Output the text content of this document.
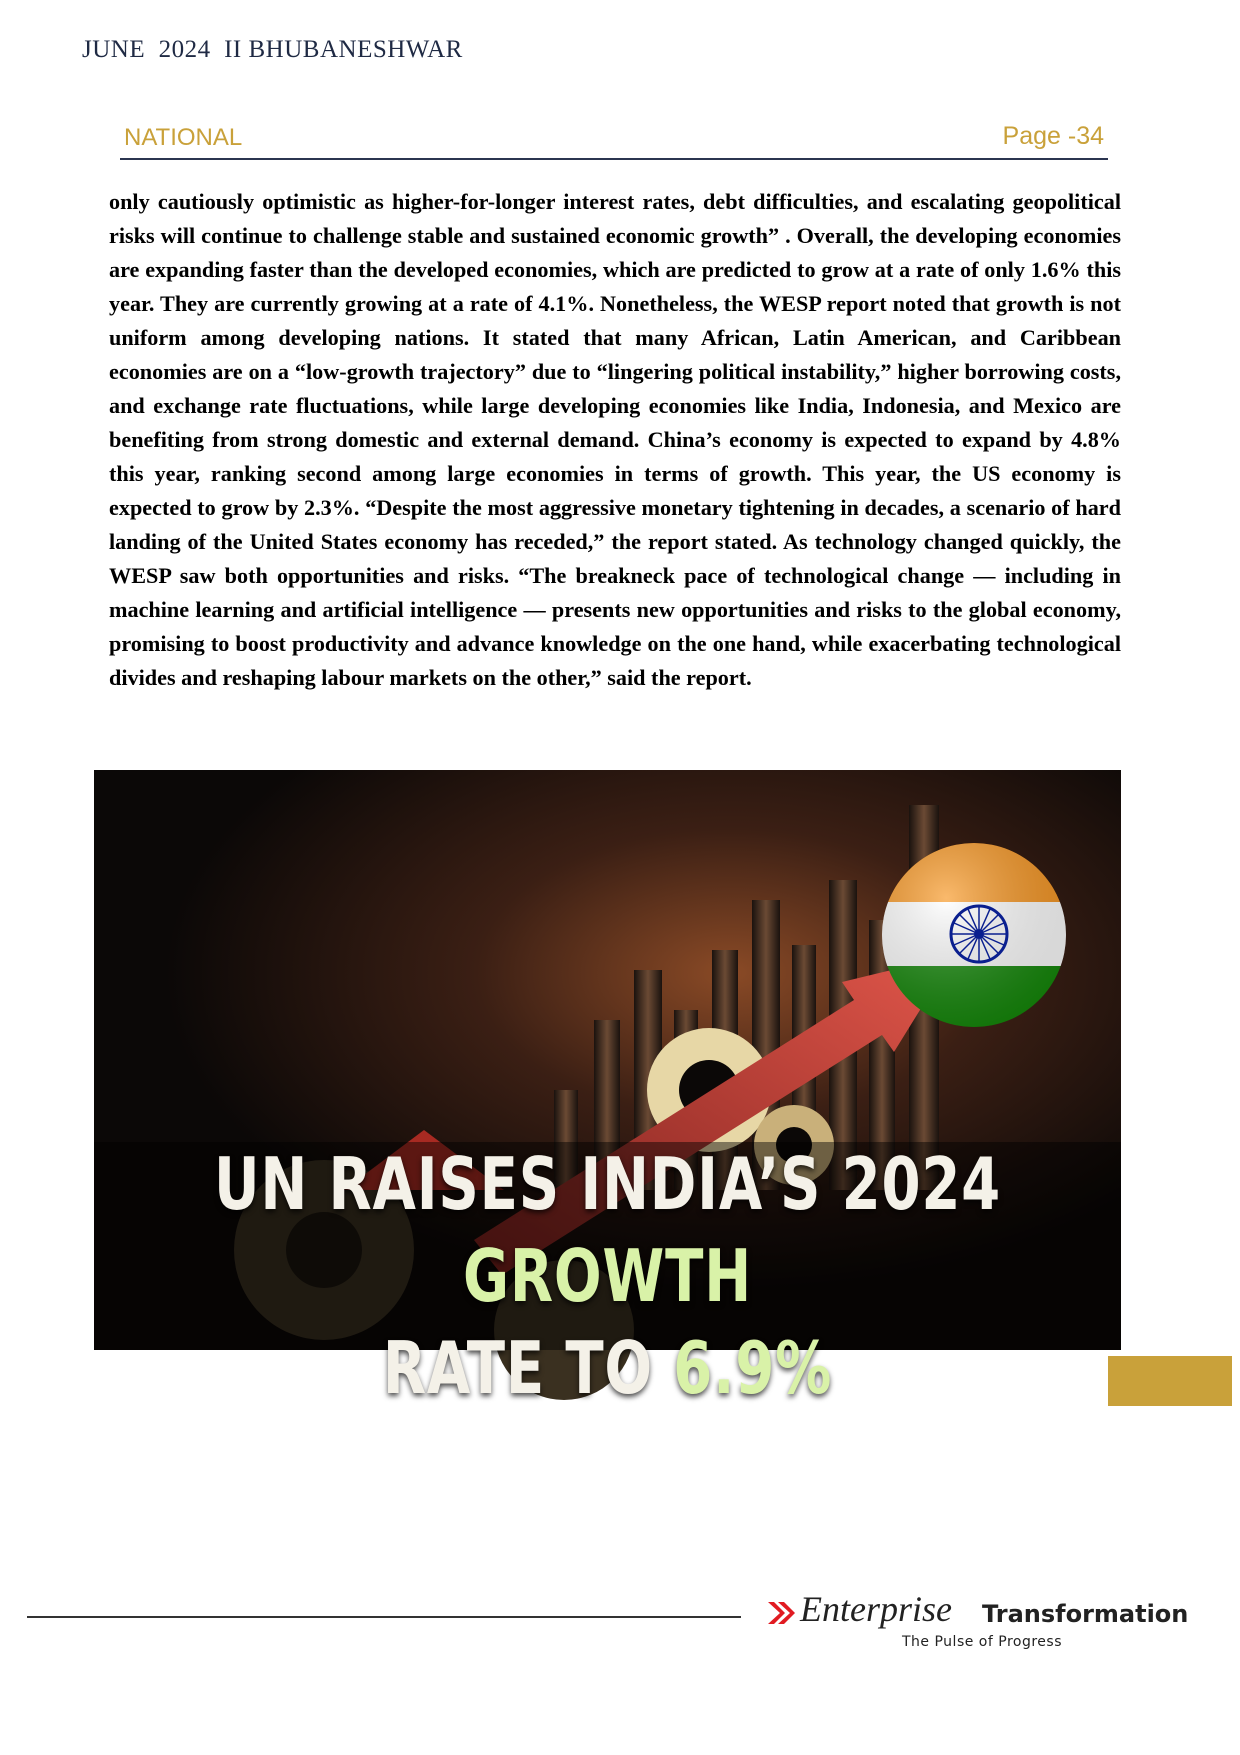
JUNE  2024  II BHUBANESHWAR
NATIONAL	Page -34

only cautiously optimistic as higher-for-longer interest rates, debt difficulties, and escalating geopolitical risks will continue to challenge stable and sustained economic growth” . Overall, the developing economies are expanding faster than the developed economies, which are predicted to grow at a rate of only 1.6% this year. They are currently growing at a rate of 4.1%. Nonetheless, the WESP report noted that growth is not uniform among developing nations. It stated that many African, Latin American, and Caribbean economies are on a “low-growth trajectory” due to “lingering political instability,” higher borrowing costs, and exchange rate fluctuations, while large developing economies like India, Indonesia, and Mexico are benefiting from strong domestic and external demand. China’s economy is expected to expand by 4.8% this year, ranking second among large economies in terms of growth. This year, the US economy is expected to grow by 2.3%. “Despite the most aggressive monetary tightening in decades, a scenario of hard landing of the United States economy has receded,” the report stated. As technology changed quickly, the WESP saw both opportunities and risks. “The breakneck pace of technological change — including in machine learning and artificial intelligence — presents new opportunities and risks to the global economy, promising to boost productivity and advance knowledge on the one hand, while exacerbating technological divides and reshaping labour markets on the other,” said the report.

UN RAISES INDIA’S 2024 GROWTH
RATE TO 6.9%
Enterprise Transformation
The Pulse of Progress
